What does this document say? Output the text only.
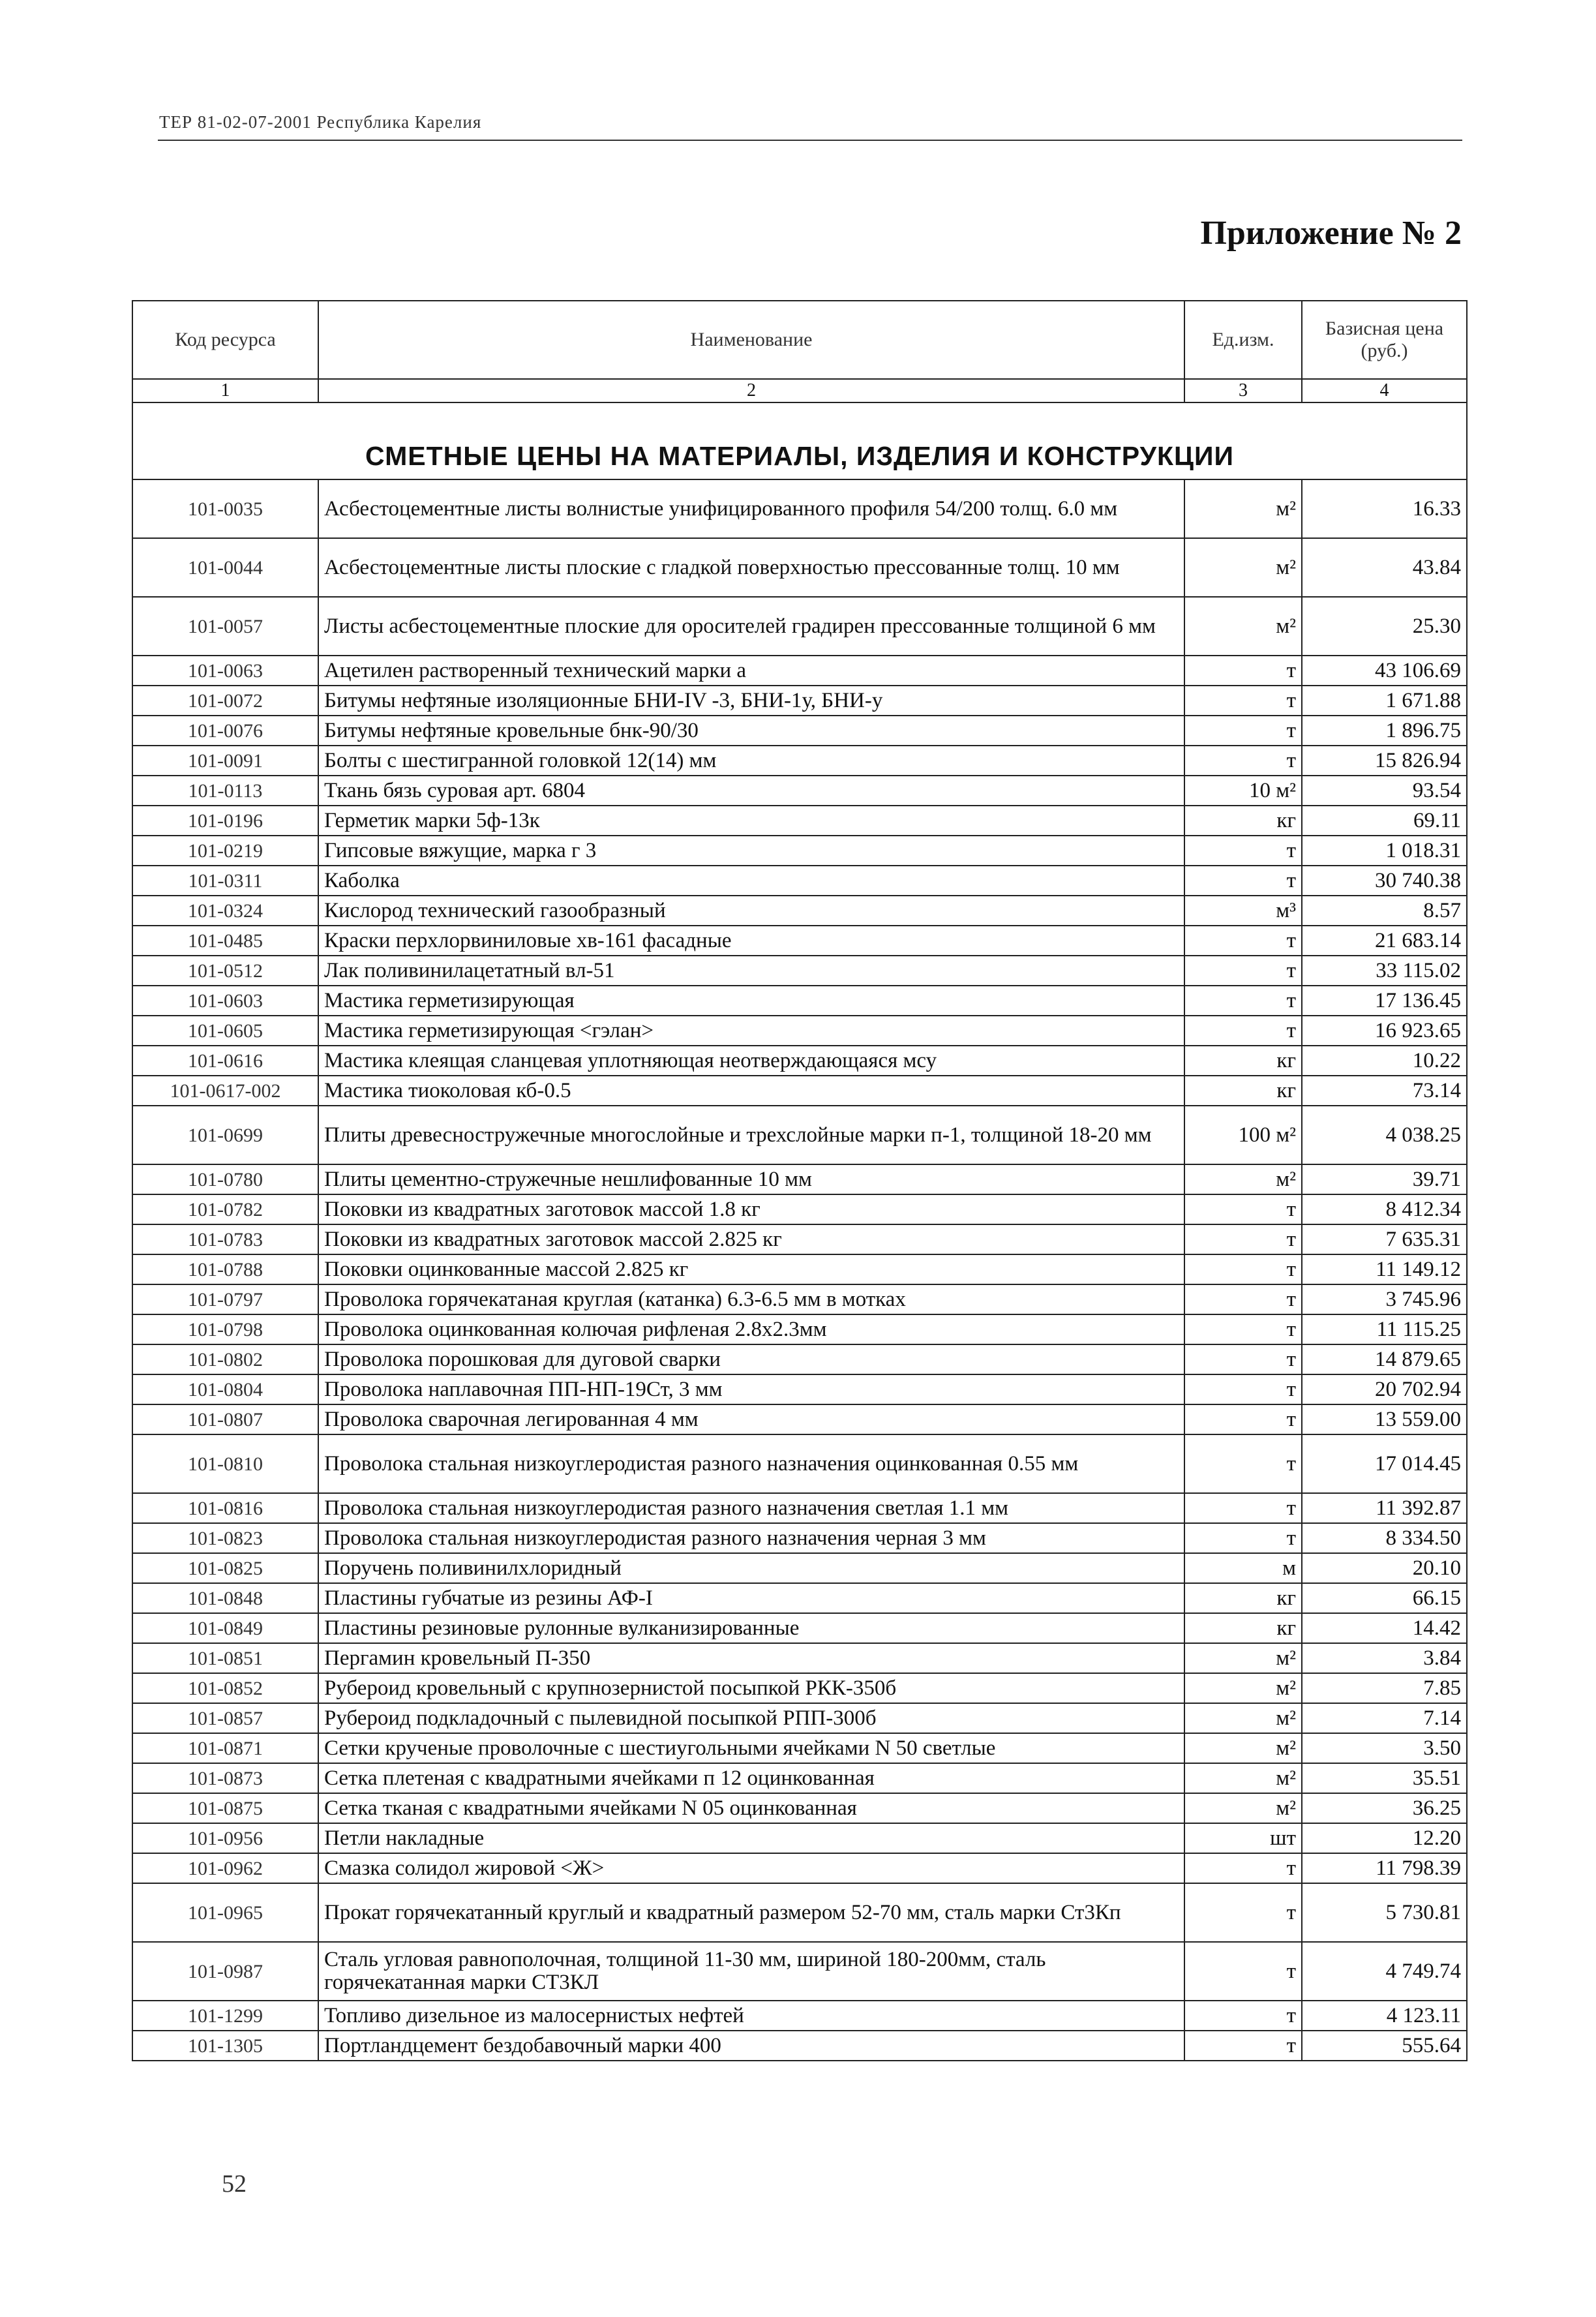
ТЕР 81-02-07-2001 Республика Карелия
Приложение № 2
Код ресурса	Наименование	Ед.изм.	Базисная цена (руб.)
1	2	3	4
СМЕТНЫЕ ЦЕНЫ НА МАТЕРИАЛЫ, ИЗДЕЛИЯ И КОНСТРУКЦИИ			
101-0035	Асбестоцементные листы волнистые унифицированного профиля 54/200 толщ. 6.0 мм	м²	16.33
101-0044	Асбестоцементные листы плоские с гладкой поверхностью прессованные толщ. 10 мм	м²	43.84
101-0057	Листы асбестоцементные плоские для оросителей градирен прессованные толщиной 6 мм	м²	25.30
101-0063	Ацетилен растворенный технический марки а	т	43 106.69
101-0072	Битумы нефтяные изоляционные БНИ-IV -3, БНИ-1у, БНИ-у	т	1 671.88
101-0076	Битумы нефтяные кровельные бнк-90/30	т	1 896.75
101-0091	Болты с шестигранной головкой 12(14) мм	т	15 826.94
101-0113	Ткань бязь суровая арт. 6804	10 м²	93.54
101-0196	Герметик марки 5ф-13к	кг	69.11
101-0219	Гипсовые вяжущие, марка г 3	т	1 018.31
101-0311	Каболка	т	30 740.38
101-0324	Кислород технический газообразный	м³	8.57
101-0485	Краски перхлорвиниловые хв-161 фасадные	т	21 683.14
101-0512	Лак поливинилацетатный вл-51	т	33 115.02
101-0603	Мастика герметизирующая	т	17 136.45
101-0605	Мастика герметизирующая <гэлан>	т	16 923.65
101-0616	Мастика клеящая сланцевая уплотняющая неотверждающаяся мсу	кг	10.22
101-0617-002	Мастика тиоколовая кб-0.5	кг	73.14
101-0699	Плиты древесностружечные многослойные и трехслойные марки п-1, толщиной 18-20 мм	100 м²	4 038.25
101-0780	Плиты цементно-стружечные нешлифованные 10 мм	м²	39.71
101-0782	Поковки из квадратных заготовок массой 1.8 кг	т	8 412.34
101-0783	Поковки из квадратных заготовок массой 2.825 кг	т	7 635.31
101-0788	Поковки оцинкованные массой 2.825 кг	т	11 149.12
101-0797	Проволока горячекатаная круглая (катанка) 6.3-6.5 мм в мотках	т	3 745.96
101-0798	Проволока оцинкованная колючая рифленая 2.8х2.3мм	т	11 115.25
101-0802	Проволока порошковая для дуговой сварки	т	14 879.65
101-0804	Проволока наплавочная ПП-НП-19Ст, 3 мм	т	20 702.94
101-0807	Проволока сварочная легированная 4 мм	т	13 559.00
101-0810	Проволока стальная низкоуглеродистая разного назначения оцинкованная 0.55 мм	т	17 014.45
101-0816	Проволока стальная низкоуглеродистая разного назначения светлая 1.1 мм	т	11 392.87
101-0823	Проволока стальная низкоуглеродистая разного назначения черная 3 мм	т	8 334.50
101-0825	Поручень поливинилхлоридный	м	20.10
101-0848	Пластины губчатые из резины АФ-I	кг	66.15
101-0849	Пластины резиновые рулонные вулканизированные	кг	14.42
101-0851	Пергамин кровельный П-350	м²	3.84
101-0852	Рубероид кровельный с крупнозернистой посыпкой РКК-350б	м²	7.85
101-0857	Рубероид подкладочный с пылевидной посыпкой РПП-300б	м²	7.14
101-0871	Сетки крученые проволочные с шестиугольными ячейками N 50 светлые	м²	3.50
101-0873	Сетка плетеная с квадратными ячейками п 12 оцинкованная	м²	35.51
101-0875	Сетка тканая с квадратными ячейками N 05 оцинкованная	м²	36.25
101-0956	Петли накладные	шт	12.20
101-0962	Смазка солидол жировой <Ж>	т	11 798.39
101-0965	Прокат горячекатанный круглый и квадратный размером 52-70 мм, сталь марки Ст3Кп	т	5 730.81
101-0987	Сталь угловая равнополочная, толщиной 11-30 мм, шириной 180-200мм, сталь горячекатанная марки СТ3КЛ	т	4 749.74
101-1299	Топливо дизельное из малосернистых нефтей	т	4 123.11
101-1305	Портландцемент бездобавочный марки 400	т	555.64
52
